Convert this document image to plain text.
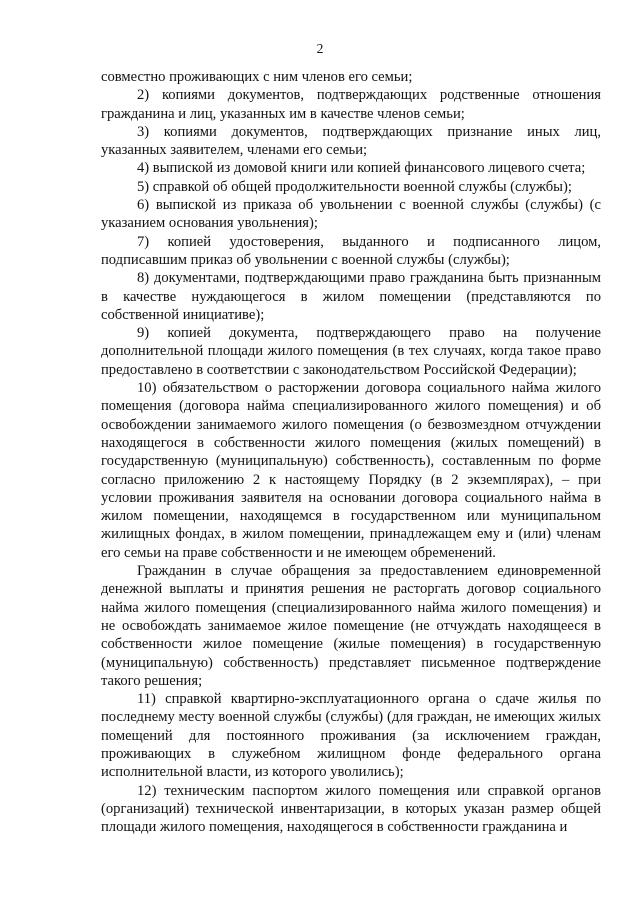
2

совместно проживающих с ним членов его семьи;

2) копиями документов, подтверждающих родственные отношения гражданина и лиц, указанных им в качестве членов семьи;

3) копиями документов, подтверждающих признание иных лиц, указанных заявителем, членами его семьи;

4) выпиской из домовой книги или копией финансового лицевого счета;

5) справкой об общей продолжительности военной службы (службы);

6) выпиской из приказа об увольнении с военной службы (службы) (с указанием основания увольнения);

7) копией удостоверения, выданного и подписанного лицом, подписавшим приказ об увольнении с военной службы (службы);

8) документами, подтверждающими право гражданина быть признанным в качестве нуждающегося в жилом помещении (представляются по собственной инициативе);

9) копией документа, подтверждающего право на получение дополнительной площади жилого помещения (в тех случаях, когда такое право предоставлено в соответствии с законодательством Российской Федерации);

10) обязательством о расторжении договора социального найма жилого помещения (договора найма специализированного жилого помещения) и об освобождении занимаемого жилого помещения (о безвозмездном отчуждении находящегося в собственности жилого помещения (жилых помещений) в государственную (муниципальную) собственность), составленным по форме согласно приложению 2 к настоящему Порядку (в 2 экземплярах), – при условии проживания заявителя на основании договора социального найма в жилом помещении, находящемся в государственном или муниципальном жилищных фондах, в жилом помещении, принадлежащем ему и (или) членам его семьи на праве собственности и не имеющем обременений.

Гражданин в случае обращения за предоставлением единовременной денежной выплаты и принятия решения не расторгать договор социального найма жилого помещения (специализированного найма жилого помещения) и не освобождать занимаемое жилое помещение (не отчуждать находящееся в собственности жилое помещение (жилые помещения) в государственную (муниципальную) собственность) представляет письменное подтверждение такого решения;

11) справкой квартирно-эксплуатационного органа о сдаче жилья по последнему месту военной службы (службы) (для граждан, не имеющих жилых помещений для постоянного проживания (за исключением граждан, проживающих в служебном жилищном фонде федерального органа исполнительной власти, из которого уволились);

12) техническим паспортом жилого помещения или справкой органов (организаций) технической инвентаризации, в которых указан размер общей площади жилого помещения, находящегося в собственности гражданина и
